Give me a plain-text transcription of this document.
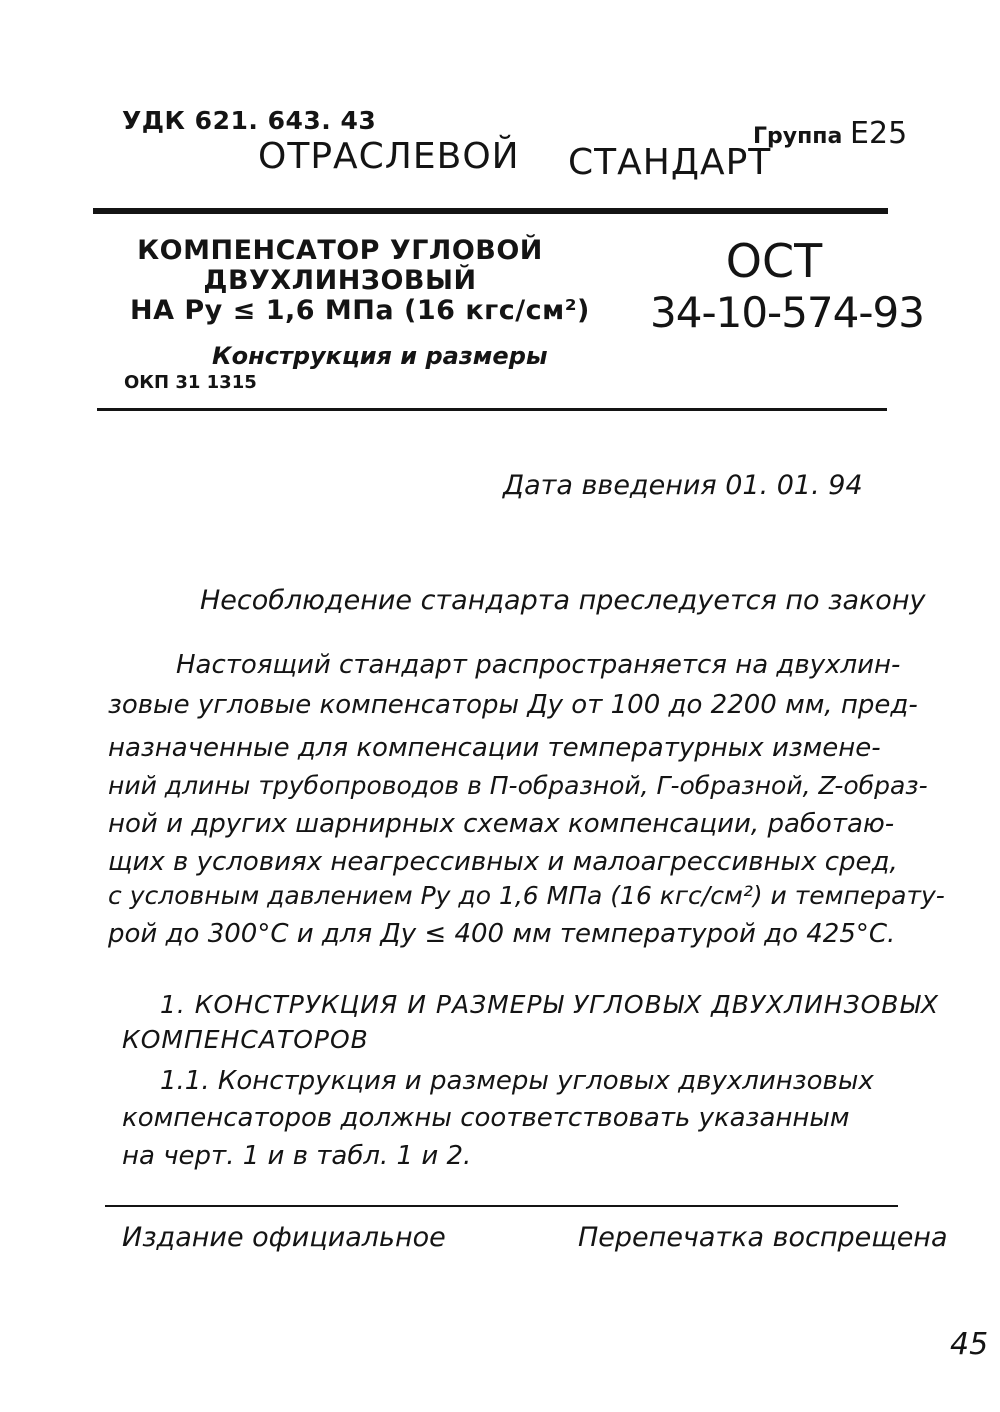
УДК 621. 643. 43
Группа Е25
ОТРАСЛЕВОЙ СТАНДАРТ
КОМПЕНСАТОР УГЛОВОЙ
ДВУХЛИНЗОВЫЙ
НА Ру ≤ 1,6 МПа (16 кгс/см²)
Конструкция и размеры
ОКП 31 1315
ОСТ
34-10-574-93
Дата введения 01. 01. 94
Несоблюдение стандарта преследуется по закону
Настоящий стандарт распространяется на двухлин-
зовые угловые компенсаторы Ду от 100 до 2200 мм, пред-
назначенные для компенсации температурных измене-
ний длины трубопроводов в П-образной, Г-образной, Z-образ-
ной и других шарнирных схемах компенсации, работаю-
щих в условиях неагрессивных и малоагрессивных сред,
с условным давлением Ру до 1,6 МПа (16 кгс/см²) и температу-
рой до 300°С и для Ду ≤ 400 мм температурой до 425°С.
1. КОНСТРУКЦИЯ И РАЗМЕРЫ УГЛОВЫХ ДВУХЛИНЗОВЫХ
КОМПЕНСАТОРОВ
1.1. Конструкция и размеры угловых двухлинзовых
компенсаторов должны соответствовать указанным
на черт. 1 и в табл. 1 и 2.
Издание официальное	Перепечатка воспрещена
45
